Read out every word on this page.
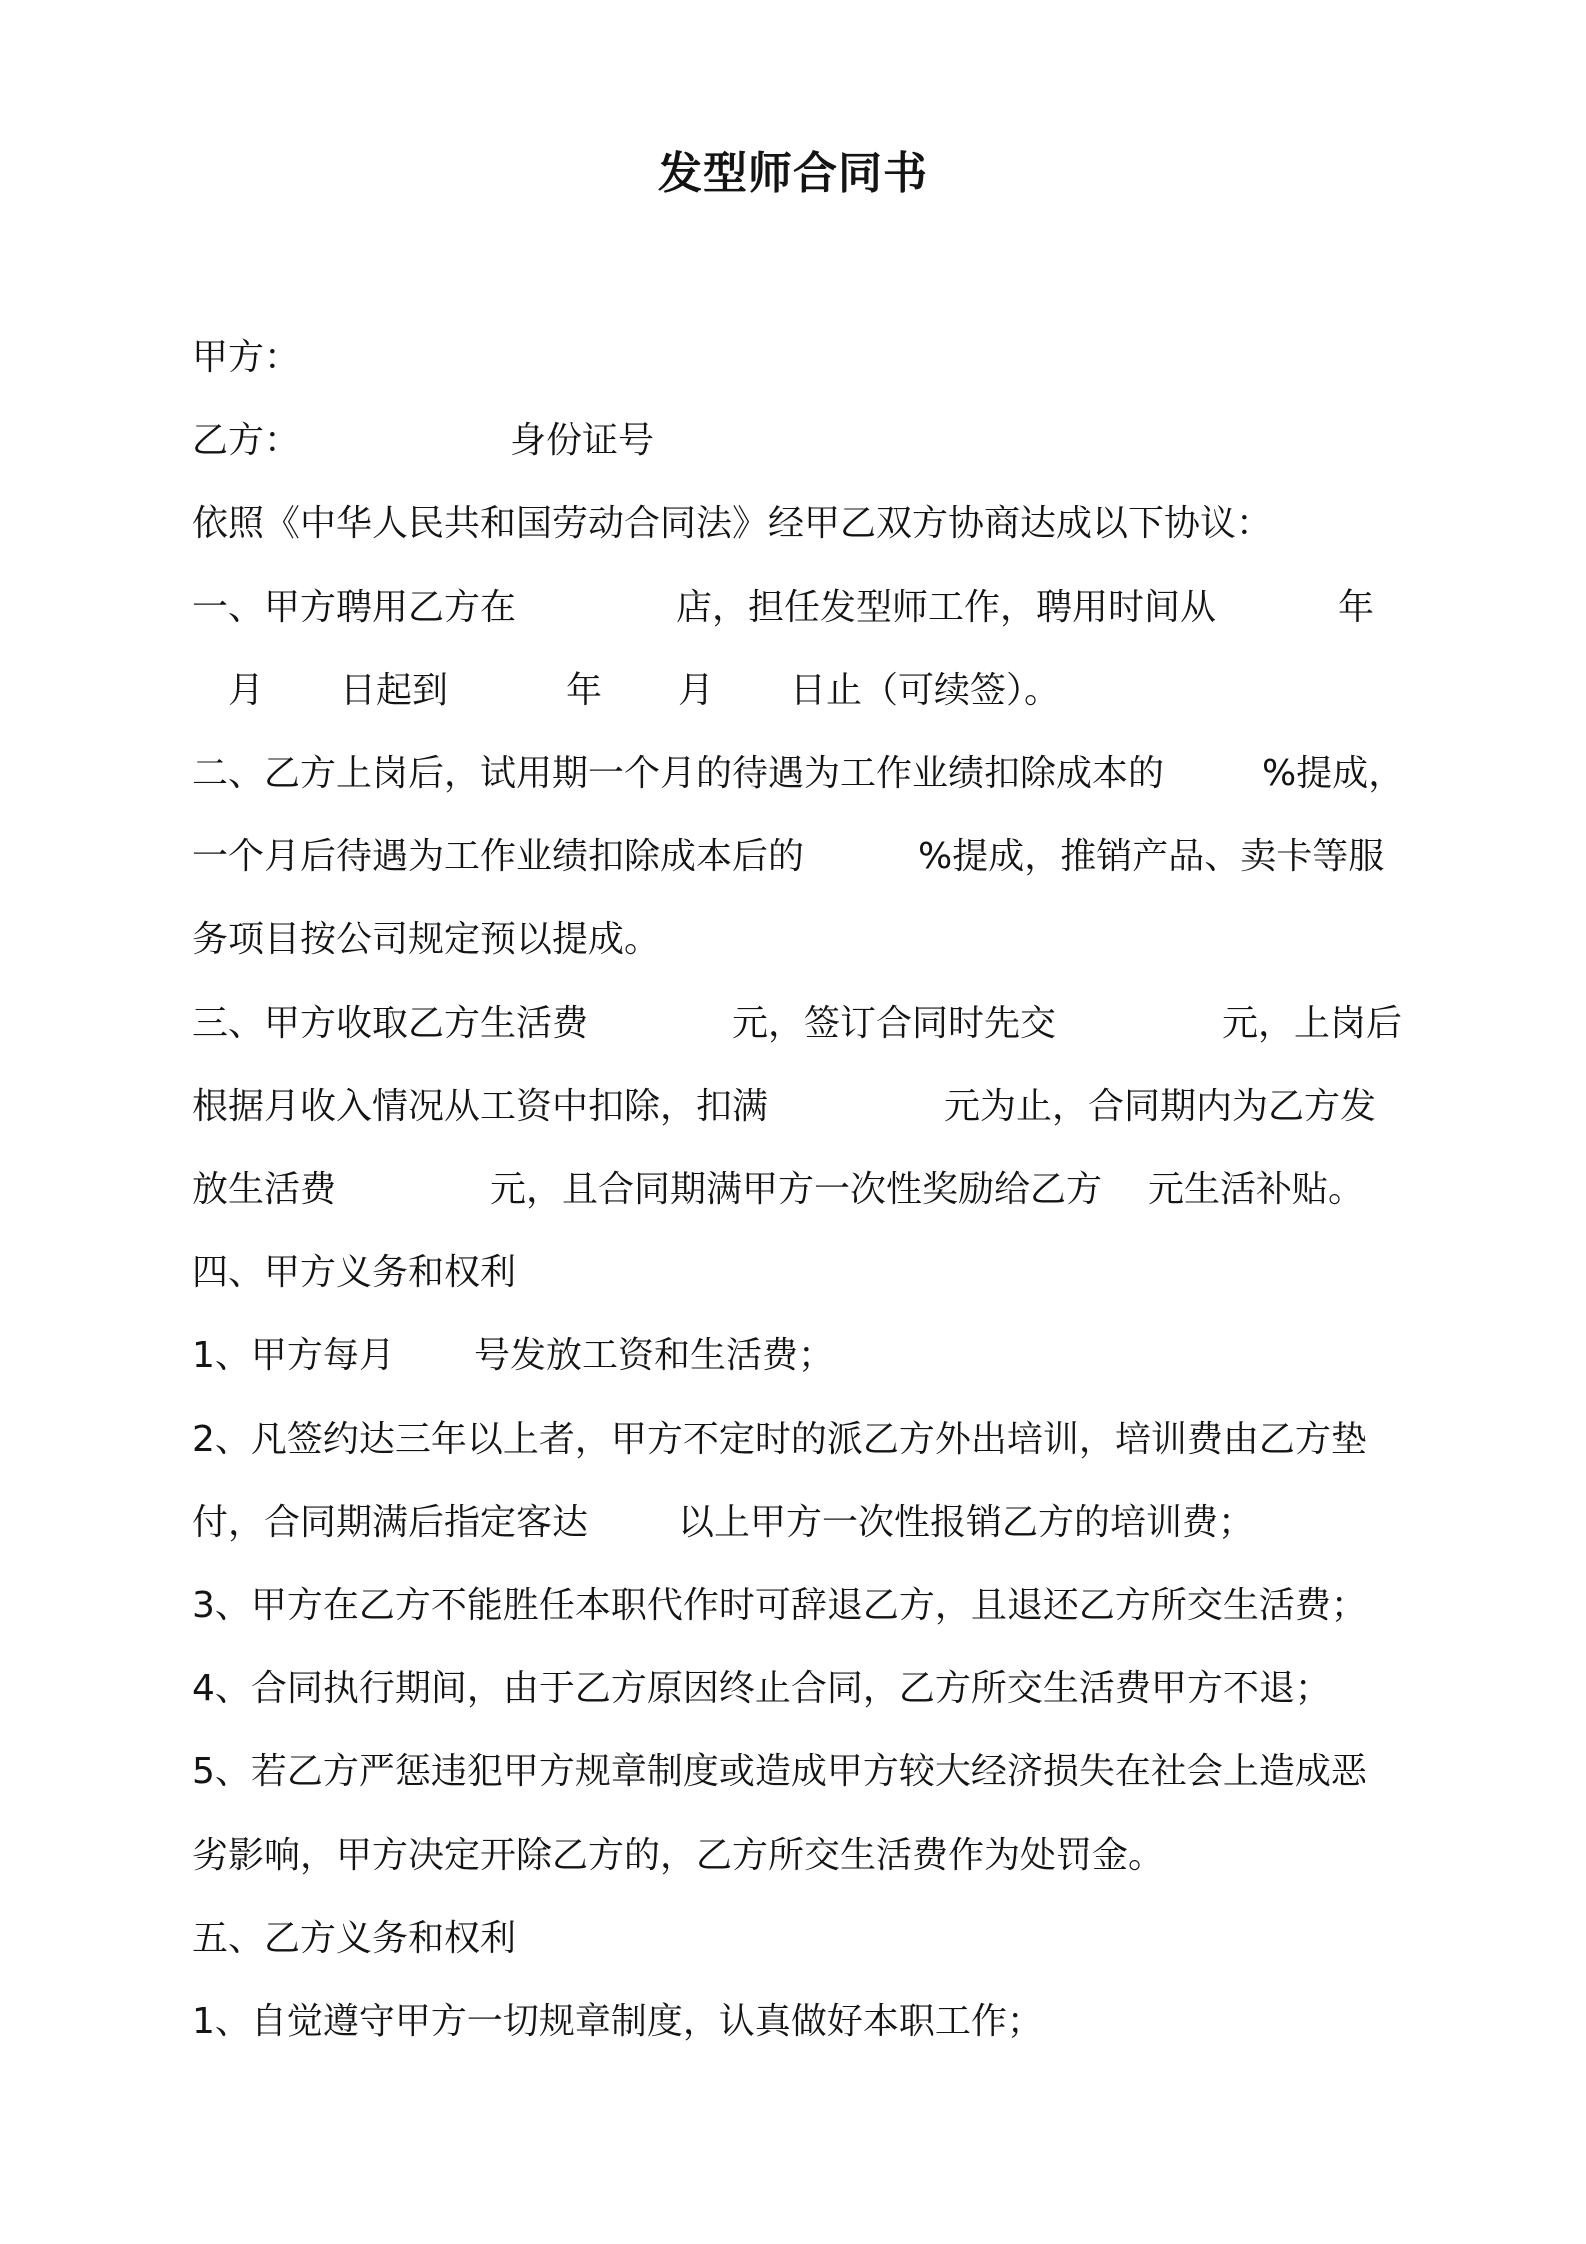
发型师合同书
甲方：
乙方：	身份证号
依照《中华人民共和国劳动合同法》经甲乙双方协商达成以下协议：
一、甲方聘用乙方在	店，担任发型师工作，聘用时间从	年
月 日起到	年 月 日止（可续签）。
二、乙方上岗后，试用期一个月的待遇为工作业绩扣除成本的	%提成，
一个月后待遇为工作业绩扣除成本后的	%提成，推销产品、卖卡等服
务项目按公司规定预以提成。
三、甲方收取乙方生活费	元，签订合同时先交	元，上岗后
根据月收入情况从工资中扣除，扣满	元为止，合同期内为乙方发
放生活费	元，且合同期满甲方一次性奖励给乙方 元生活补贴。
四、甲方义务和权利
1、甲方每月 号发放工资和生活费；
2、凡签约达三年以上者，甲方不定时的派乙方外出培训，培训费由乙方垫
付，合同期满后指定客达 以上甲方一次性报销乙方的培训费；
3、甲方在乙方不能胜任本职代作时可辞退乙方，且退还乙方所交生活费；
4、合同执行期间，由于乙方原因终止合同，乙方所交生活费甲方不退；
5、若乙方严惩违犯甲方规章制度或造成甲方较大经济损失在社会上造成恶
劣影响，甲方决定开除乙方的，乙方所交生活费作为处罚金。
五、乙方义务和权利
1、自觉遵守甲方一切规章制度，认真做好本职工作；
